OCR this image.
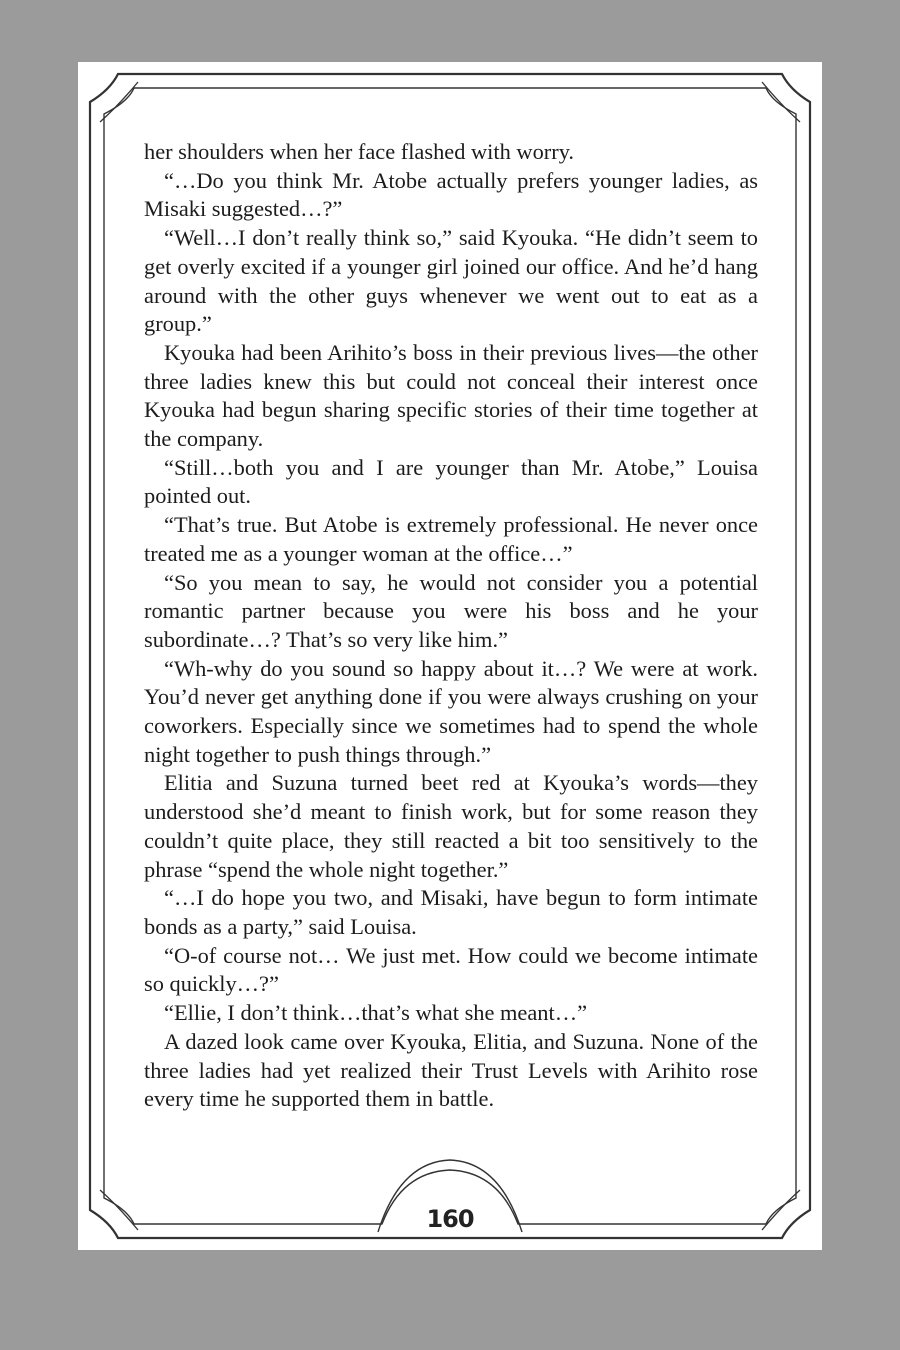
her shoulders when her face flashed with worry.

“…Do you think Mr. Atobe actually prefers younger ladies, as Misaki suggested…?”

“Well…I don’t really think so,” said Kyouka. “He didn’t seem to get overly excited if a younger girl joined our office. And he’d hang around with the other guys whenever we went out to eat as a group.”

Kyouka had been Arihito’s boss in their previous lives—the other three ladies knew this but could not conceal their interest once Kyouka had begun sharing specific stories of their time together at the company.

“Still…both you and I are younger than Mr. Atobe,” Louisa pointed out.

“That’s true. But Atobe is extremely professional. He never once treated me as a younger woman at the office…”

“So you mean to say, he would not consider you a potential romantic partner because you were his boss and he your subordinate…? That’s so very like him.”

“Wh-why do you sound so happy about it…? We were at work. You’d never get anything done if you were always crushing on your coworkers. Especially since we sometimes had to spend the whole night together to push things through.”

Elitia and Suzuna turned beet red at Kyouka’s words—they understood she’d meant to finish work, but for some reason they couldn’t quite place, they still reacted a bit too sensitively to the phrase “spend the whole night together.”

“…I do hope you two, and Misaki, have begun to form intimate bonds as a party,” said Louisa.

“O-of course not… We just met. How could we become intimate so quickly…?”

“Ellie, I don’t think…that’s what she meant…”

A dazed look came over Kyouka, Elitia, and Suzuna. None of the three ladies had yet realized their Trust Levels with Arihito rose every time he supported them in battle.

160
